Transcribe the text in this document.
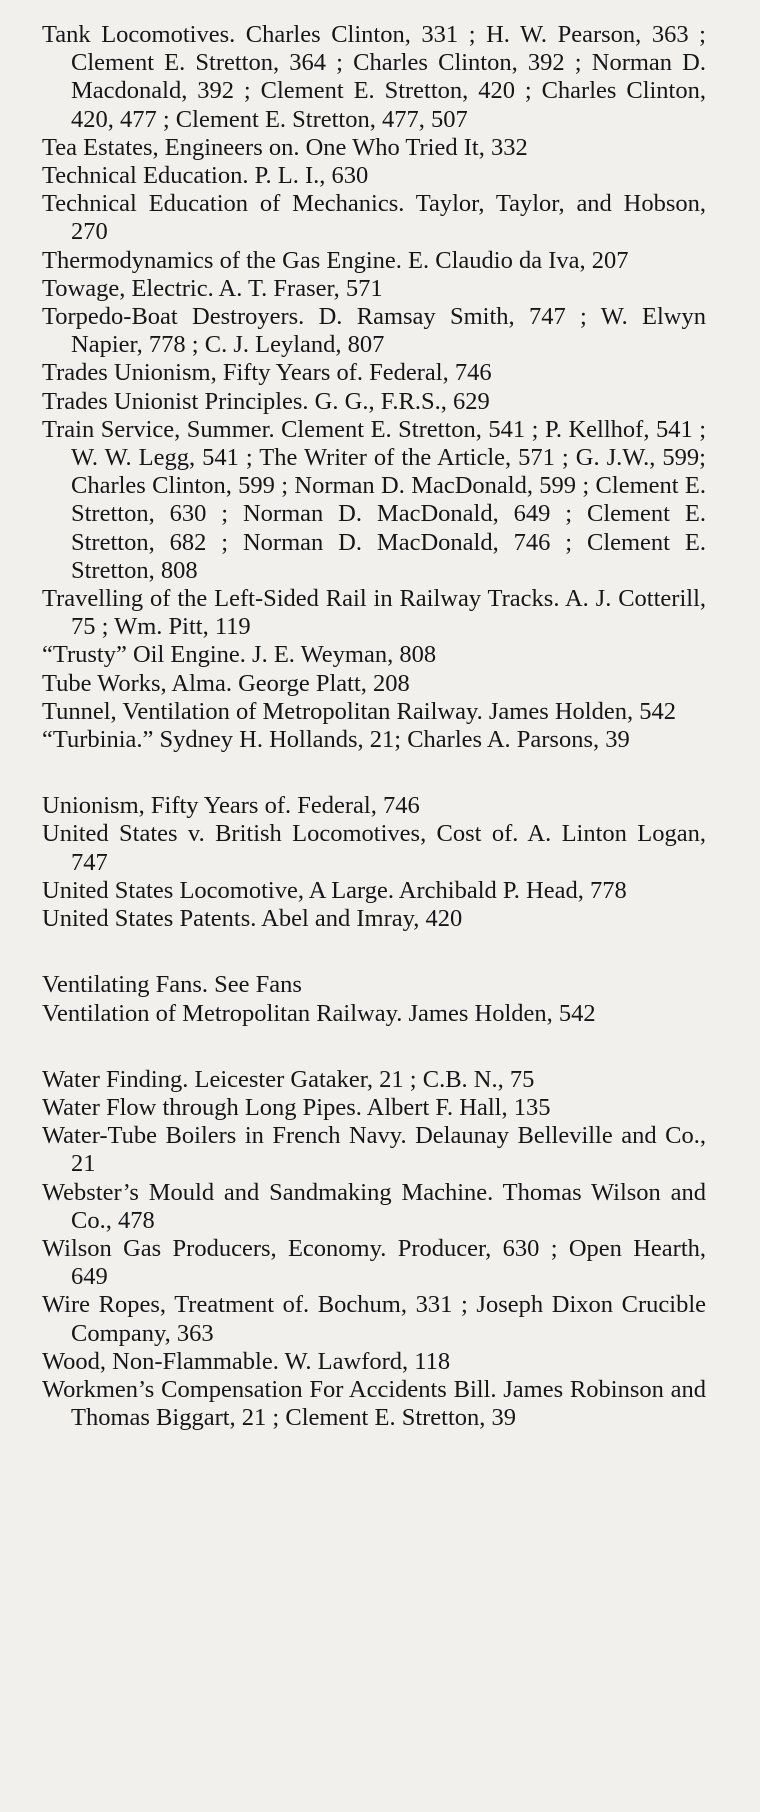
Tank Locomotives. Charles Clinton, 331 ; H. W. Pearson, 363 ; Clement E. Stretton, 364 ; Charles Clinton, 392 ; Norman D. Macdonald, 392 ; Clement E. Stretton, 420 ; Charles Clinton, 420, 477 ; Clement E. Stretton, 477, 507

Tea Estates, Engineers on. One Who Tried It, 332

Technical Education. P. L. I., 630

Technical Education of Mechanics. Taylor, Taylor, and Hobson, 270

Thermodynamics of the Gas Engine. E. Claudio da Iva, 207

Towage, Electric. A. T. Fraser, 571

Torpedo-Boat Destroyers. D. Ramsay Smith, 747 ; W. Elwyn Napier, 778 ; C. J. Leyland, 807

Trades Unionism, Fifty Years of. Federal, 746

Trades Unionist Principles. G. G., F.R.S., 629

Train Service, Summer. Clement E. Stretton, 541 ; P. Kellhof, 541 ; W. W. Legg, 541 ; The Writer of the Article, 571 ; G. J.W., 599; Charles Clinton, 599 ; Norman D. MacDonald, 599 ; Clement E. Stretton, 630 ; Norman D. MacDonald, 649 ; Clement E. Stretton, 682 ; Norman D. MacDonald, 746 ; Clement E. Stretton, 808

Travelling of the Left-Sided Rail in Railway Tracks. A. J. Cotterill, 75 ; Wm. Pitt, 119

“Trusty” Oil Engine. J. E. Weyman, 808

Tube Works, Alma. George Platt, 208

Tunnel, Ventilation of Metropolitan Railway. James Holden, 542

“Turbinia.” Sydney H. Hollands, 21; Charles A. Parsons, 39

Unionism, Fifty Years of. Federal, 746

United States v. British Locomotives, Cost of. A. Linton Logan, 747

United States Locomotive, A Large. Archibald P. Head, 778

United States Patents. Abel and Imray, 420

Ventilating Fans. See Fans

Ventilation of Metropolitan Railway. James Holden, 542

Water Finding. Leicester Gataker, 21 ; C.B. N., 75

Water Flow through Long Pipes. Albert F. Hall, 135

Water-Tube Boilers in French Navy. Delaunay Belleville and Co., 21

Webster’s Mould and Sandmaking Machine. Thomas Wilson and Co., 478

Wilson Gas Producers, Economy. Producer, 630 ; Open Hearth, 649

Wire Ropes, Treatment of. Bochum, 331 ; Joseph Dixon Crucible Company, 363

Wood, Non-Flammable. W. Lawford, 118

Workmen’s Compensation For Accidents Bill. James Robinson and Thomas Biggart, 21 ; Clement E. Stretton, 39
